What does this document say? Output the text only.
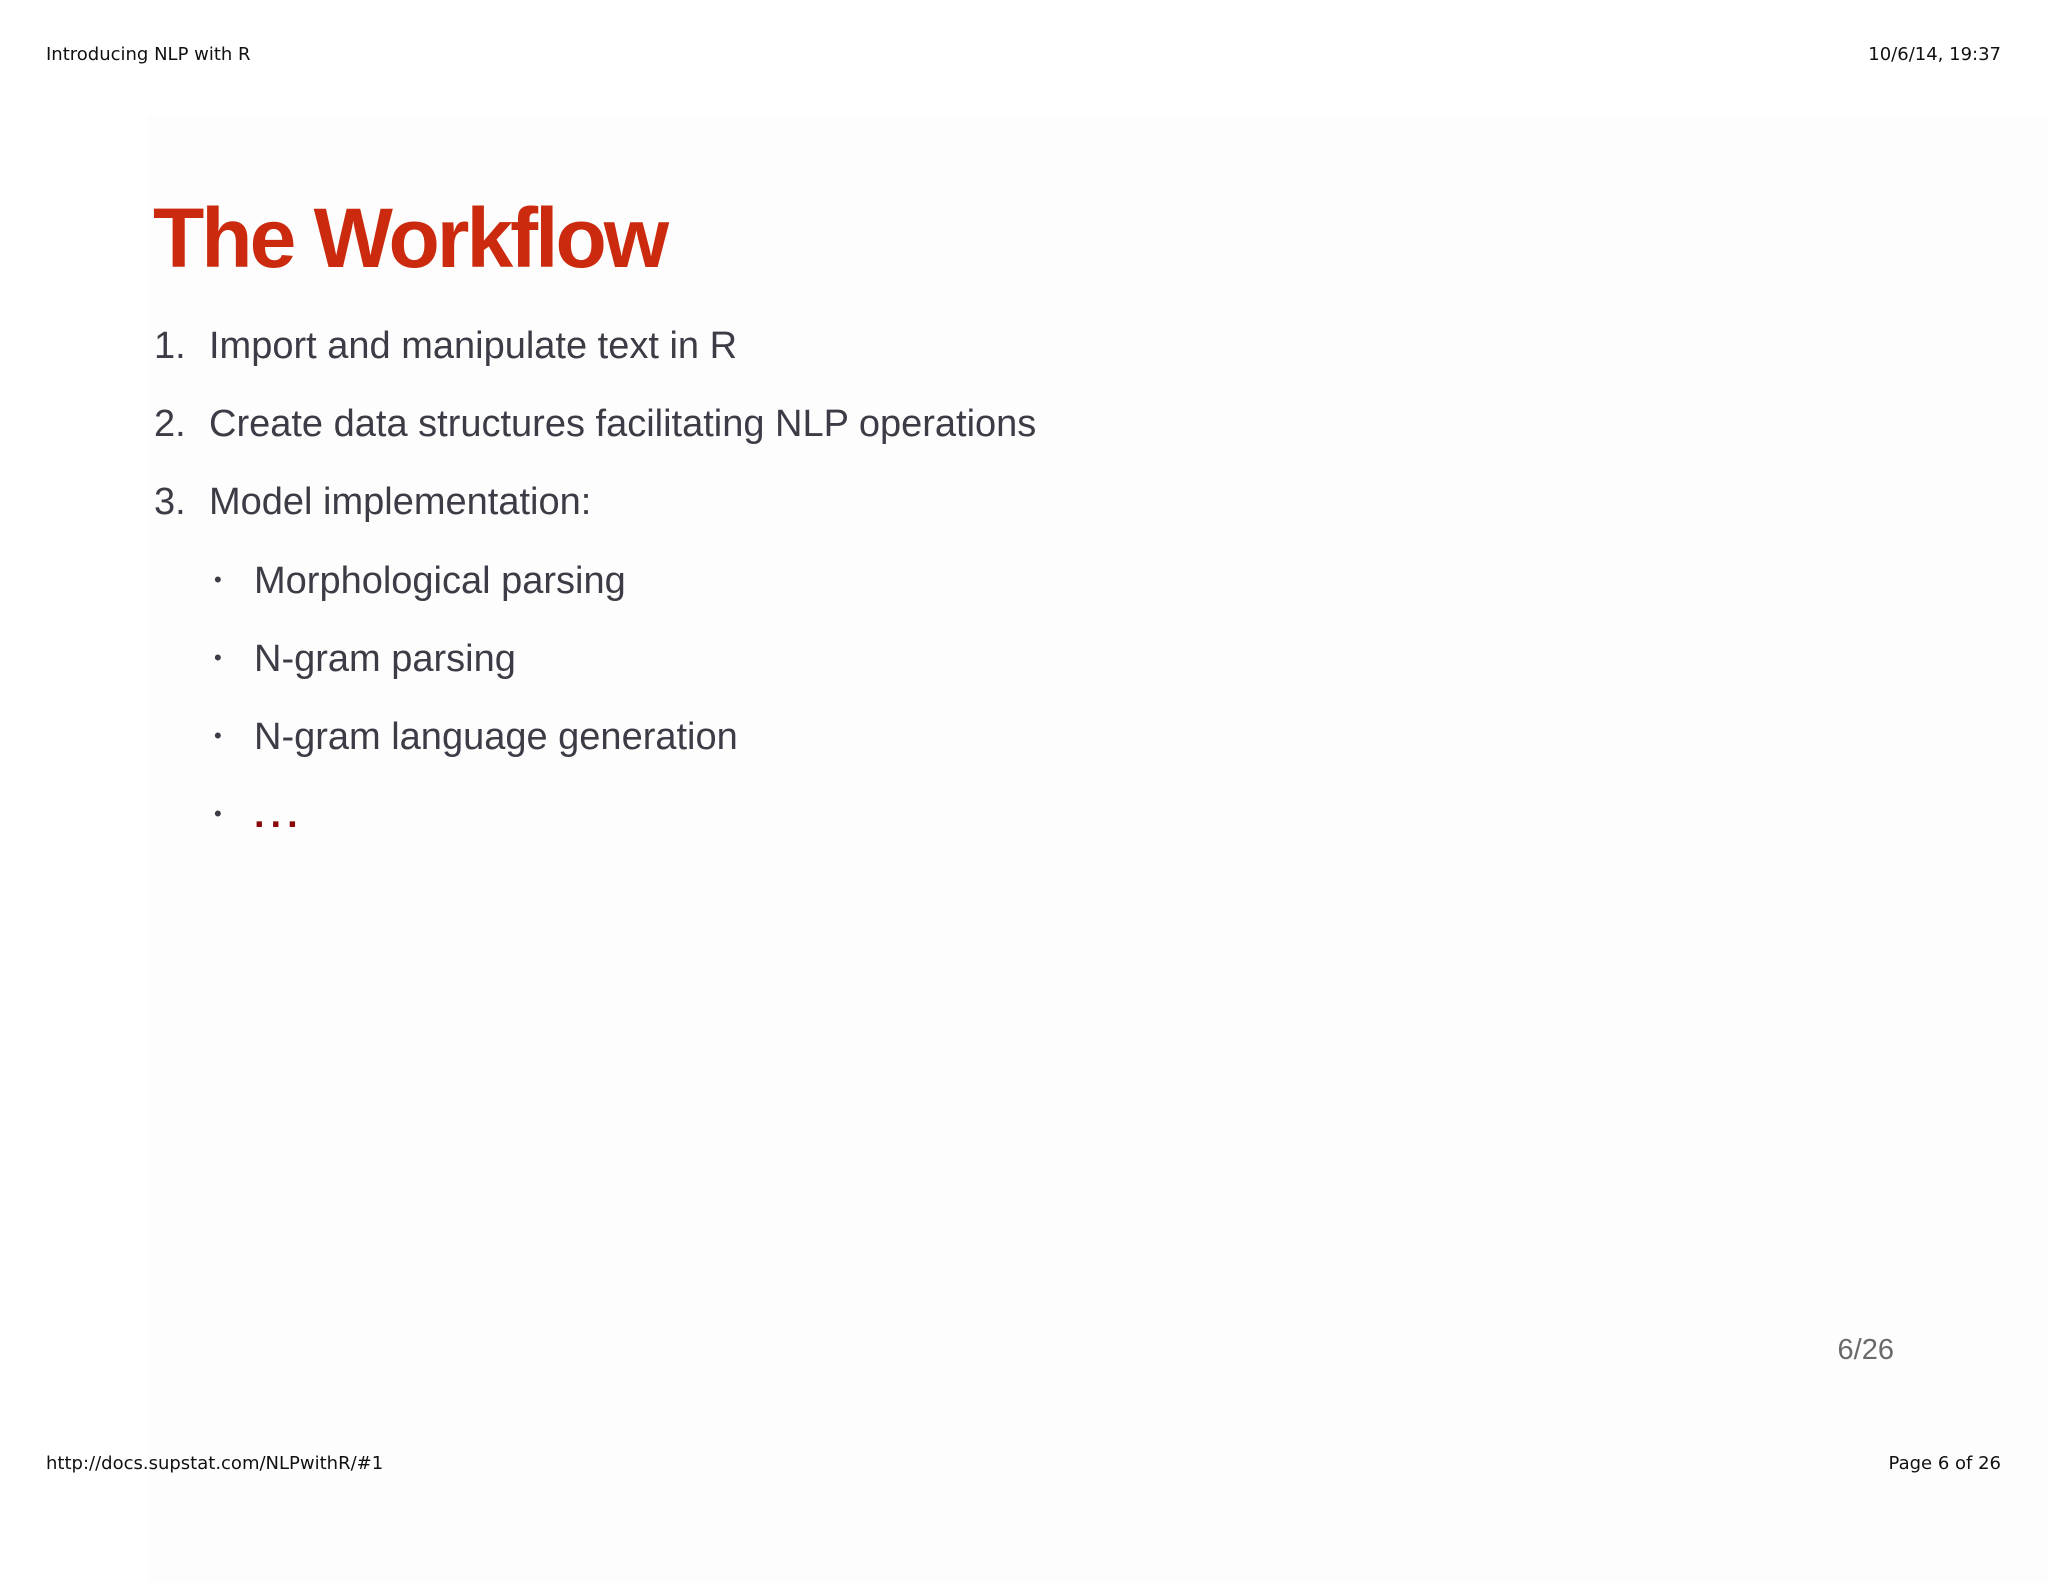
Introducing NLP with R	10/6/14, 19:37
The Workflow
1. Import and manipulate text in R
2. Create data structures facilitating NLP operations
3. Model implementation:
• Morphological parsing
• N-gram parsing
• N-gram language generation
• ...
6/26
http://docs.supstat.com/NLPwithR/#1	Page 6 of 26
